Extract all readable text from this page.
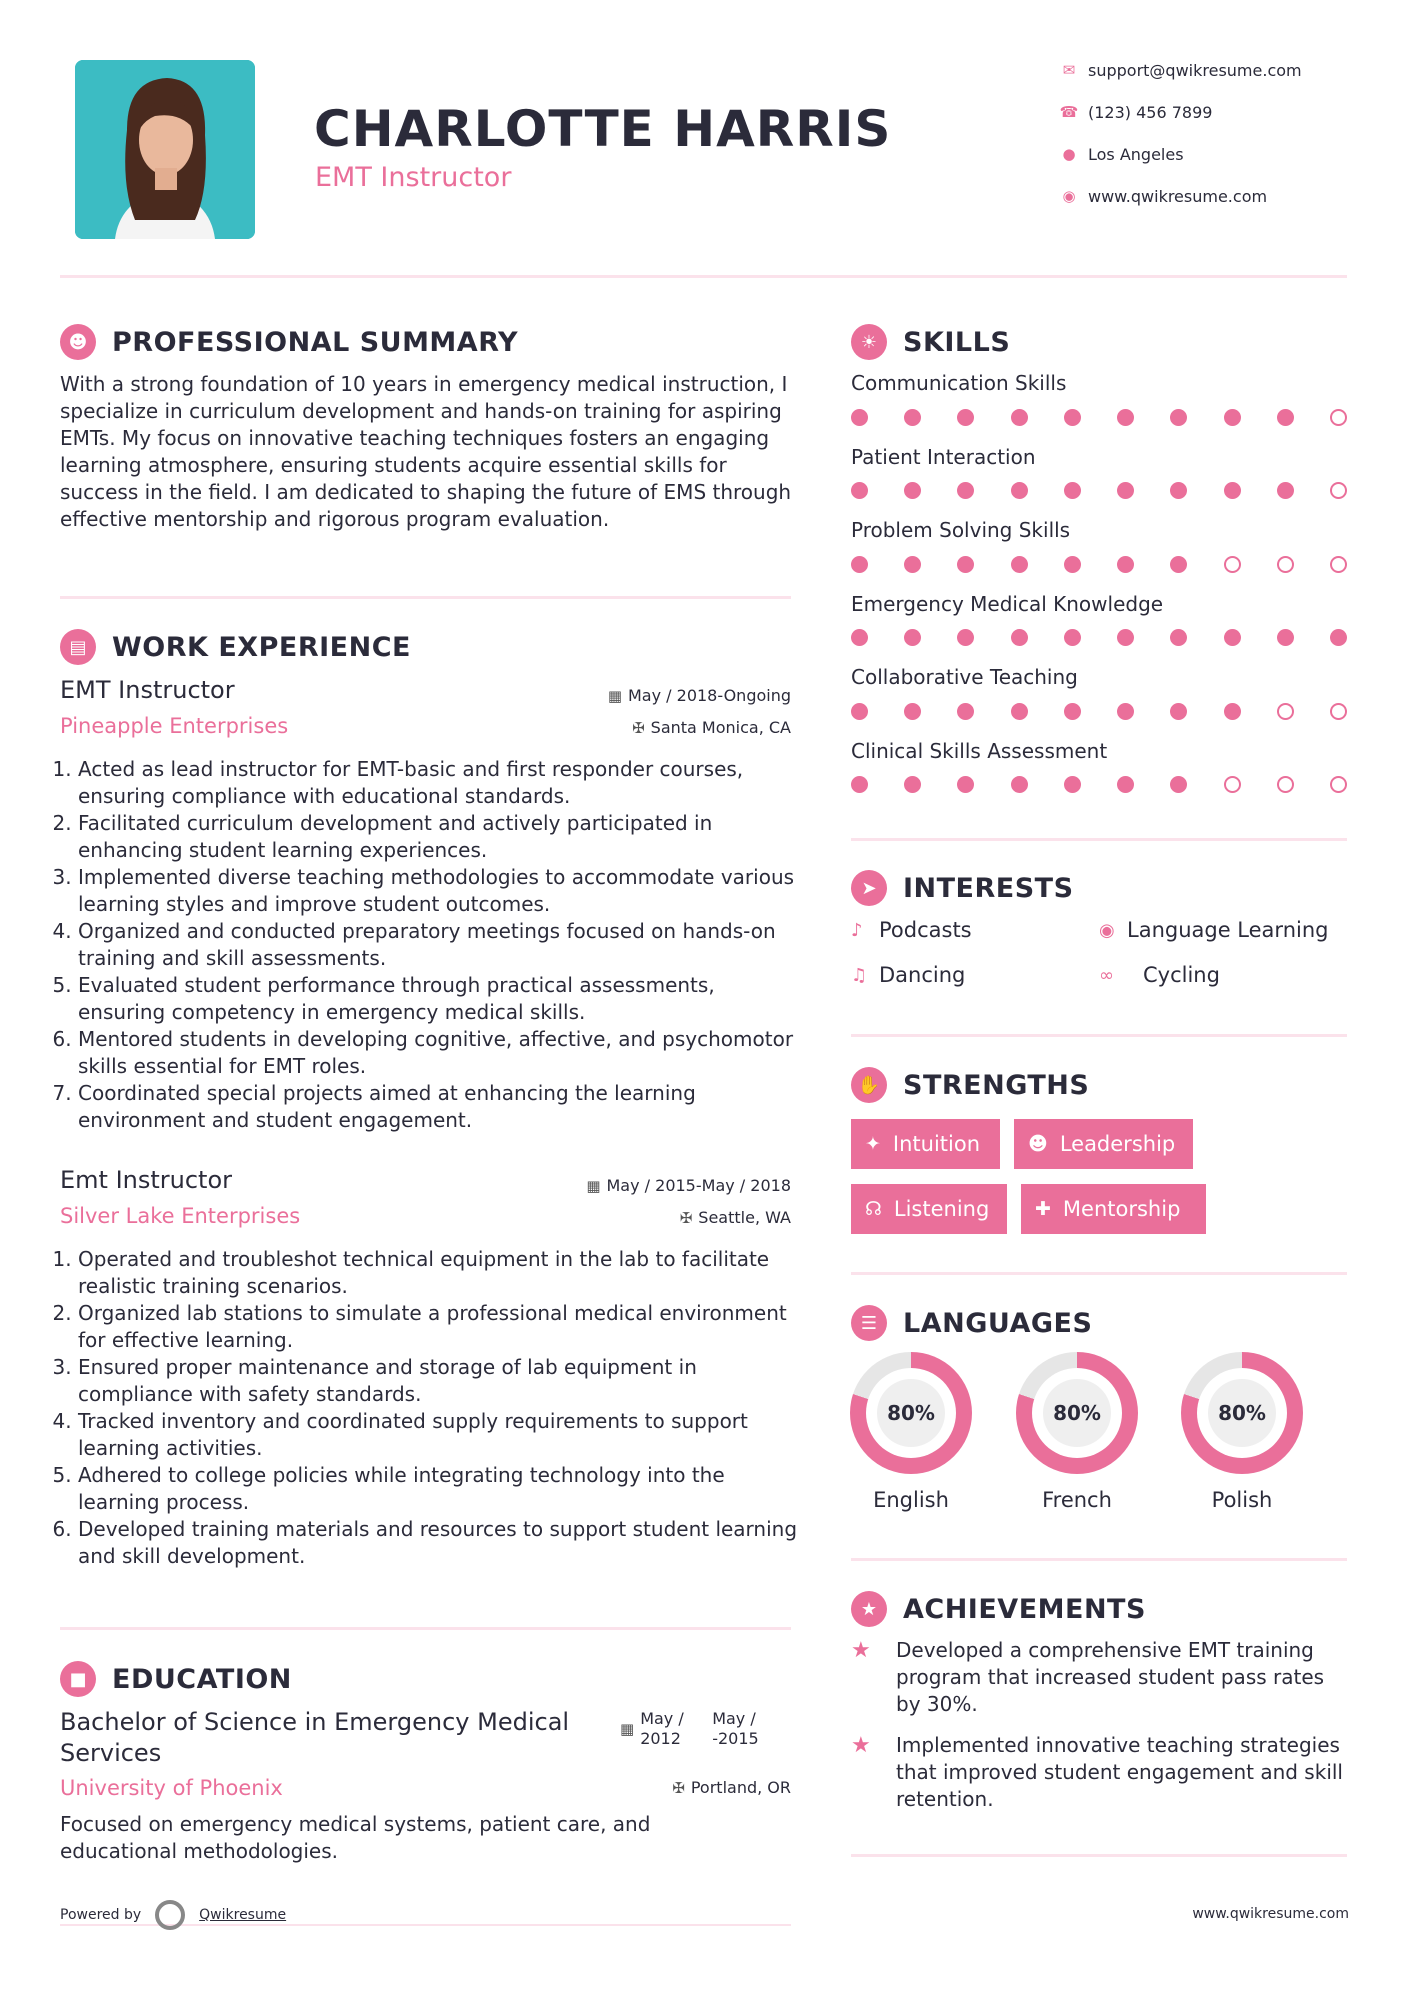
CHARLOTTE HARRIS
EMT Instructor
✉ support@qwikresume.com
☎ (123) 456 7899
● Los Angeles
◉ www.qwikresume.com
☻ PROFESSIONAL SUMMARY
With a strong foundation of 10 years in emergency medical instruction, I specialize in curriculum development and hands-on training for aspiring EMTs. My focus on innovative teaching techniques fosters an engaging learning atmosphere, ensuring students acquire essential skills for success in the field. I am dedicated to shaping the future of EMS through effective mentorship and rigorous program evaluation.
▤ WORK EXPERIENCE
EMT Instructor
Pineapple Enterprises
▦ May / 2018-Ongoing
✠ Santa Monica, CA
1. Acted as lead instructor for EMT-basic and first responder courses, ensuring compliance with educational standards.
2. Facilitated curriculum development and actively participated in enhancing student learning experiences.
3. Implemented diverse teaching methodologies to accommodate various learning styles and improve student outcomes.
4. Organized and conducted preparatory meetings focused on hands-on training and skill assessments.
5. Evaluated student performance through practical assessments, ensuring competency in emergency medical skills.
6. Mentored students in developing cognitive, affective, and psychomotor skills essential for EMT roles.
7. Coordinated special projects aimed at enhancing the learning environment and student engagement.
Emt Instructor
Silver Lake Enterprises
▦ May / 2015-May / 2018
✠ Seattle, WA
1. Operated and troubleshot technical equipment in the lab to facilitate realistic training scenarios.
2. Organized lab stations to simulate a professional medical environment for effective learning.
3. Ensured proper maintenance and storage of lab equipment in compliance with safety standards.
4. Tracked inventory and coordinated supply requirements to support learning activities.
5. Adhered to college policies while integrating technology into the learning process.
6. Developed training materials and resources to support student learning and skill development.
■ EDUCATION
Bachelor of Science in Emergency Medical Services
▦
May / 2012
May / -2015
University of Phoenix	✠ Portland, OR
Focused on emergency medical systems, patient care, and educational methodologies.
☀ SKILLS
Communication Skills
Patient Interaction
Problem Solving Skills
Emergency Medical Knowledge
Collaborative Teaching
Clinical Skills Assessment
➤ INTERESTS
♪ Podcasts	◉ Language Learning
♫ Dancing	∞	Cycling
✋ STRENGTHS
✦ Intuition	☻ Leadership
☊ Listening ✚ Mentorship
☰ LANGUAGES
80%
English
80%
French
80%
Polish
★ ACHIEVEMENTS
★	Developed a comprehensive EMT training program that increased student pass rates by 30%.
★	Implemented innovative teaching strategies that improved student engagement and skill retention.
Powered by	Qwikresume	www.qwikresume.com
